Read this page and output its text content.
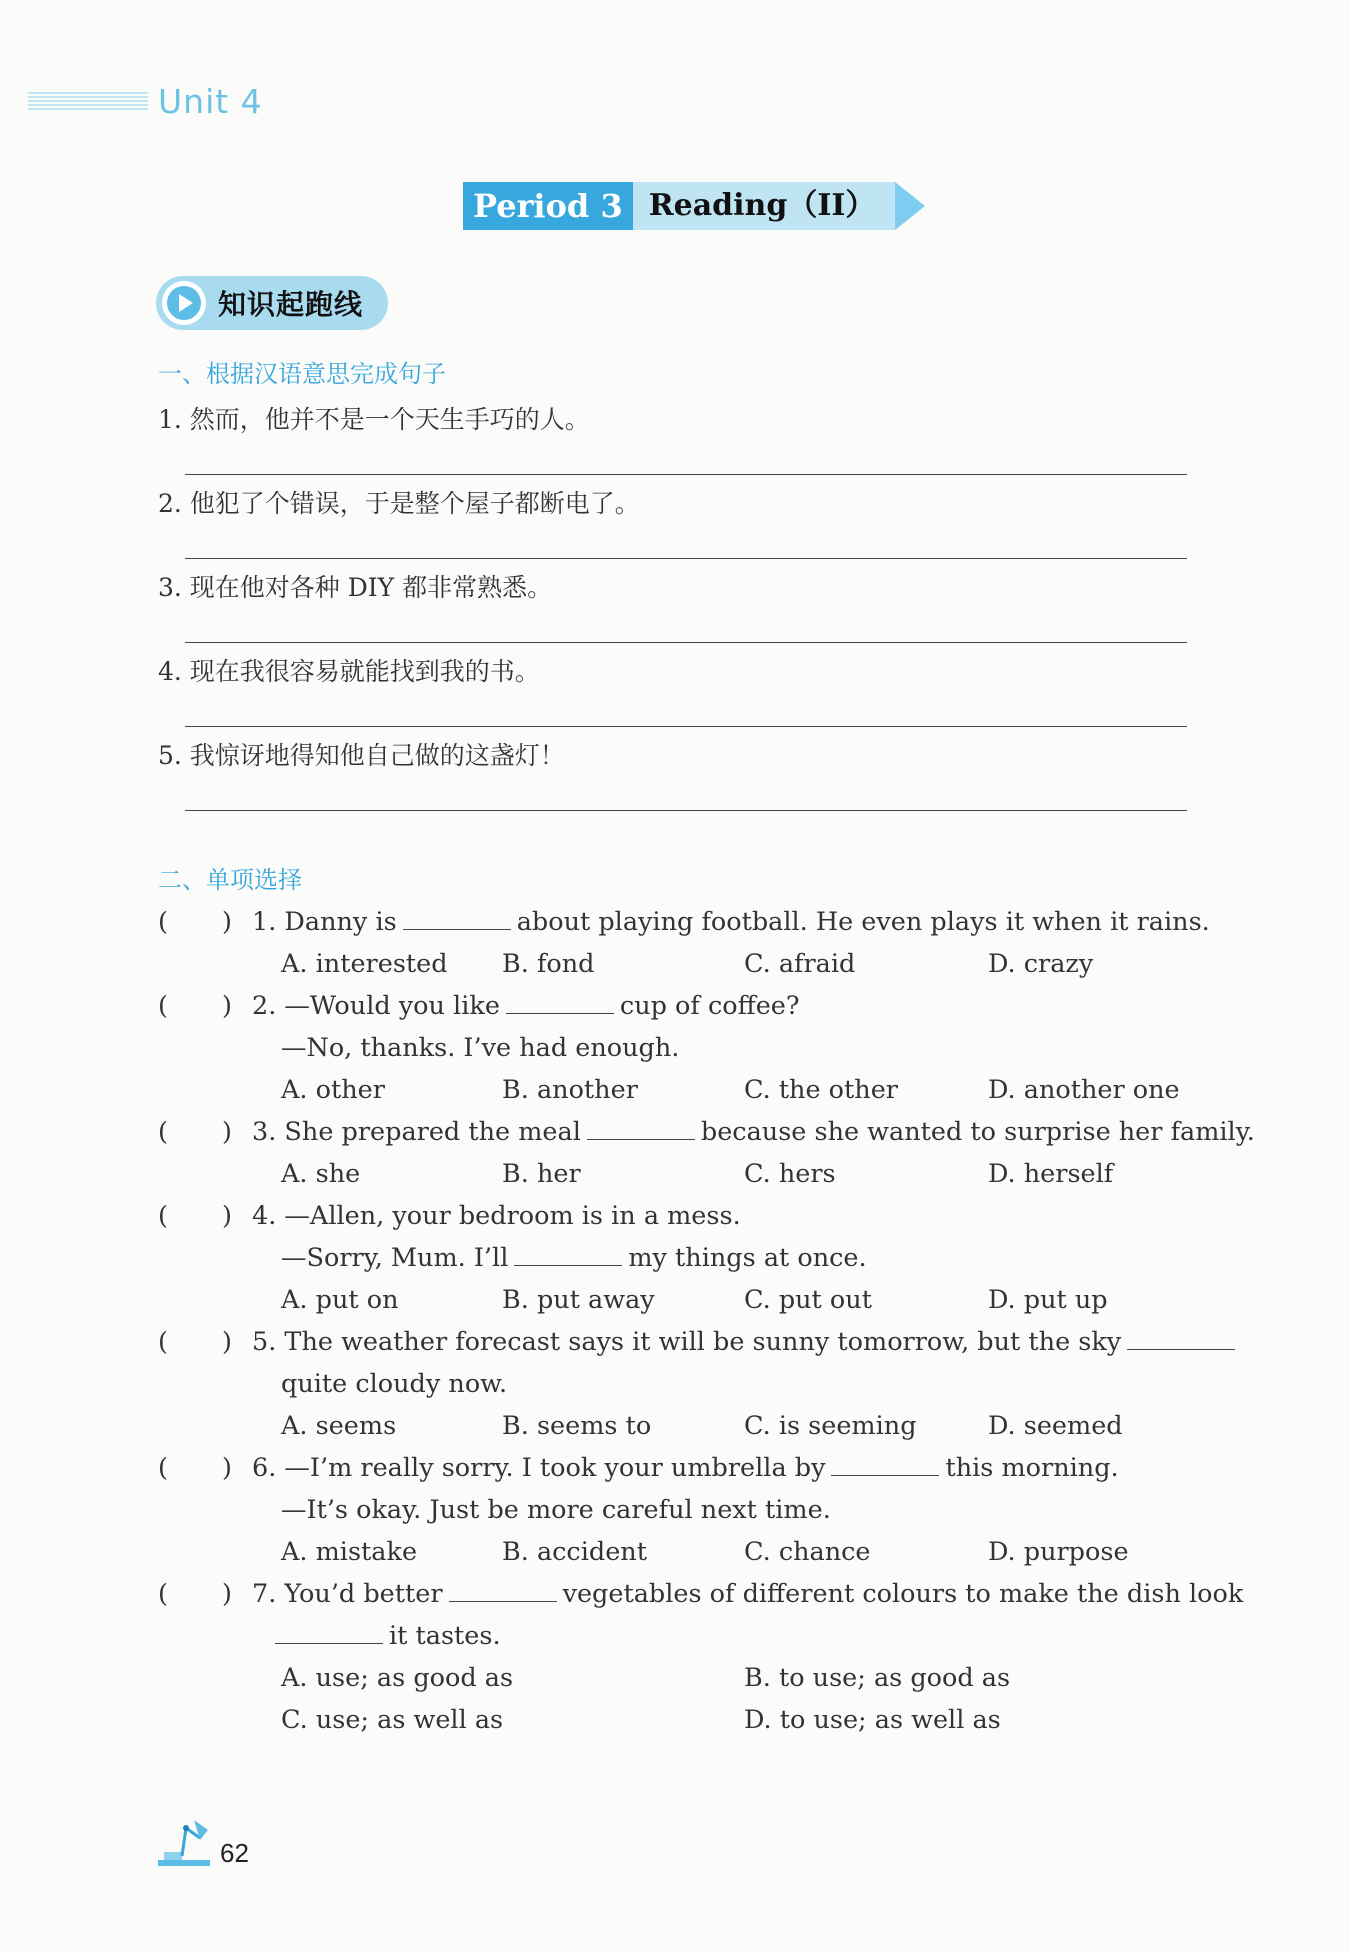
Unit 4
Period 3 Reading（II）
知识起跑线
一、根据汉语意思完成句子
1. 然而，他并不是一个天生手巧的人。
2. 他犯了个错误，于是整个屋子都断电了。
3. 现在他对各种 DIY 都非常熟悉。
4. 现在我很容易就能找到我的书。
5. 我惊讶地得知他自己做的这盏灯！
二、单项选择
( ) 1. Danny is	about playing football. He even plays it when it rains.
A. interested B. fond	C. afraid	D. crazy
( ) 2. —Would you like	cup of coffee?
—No, thanks. I’ve had enough.
A. other	B. another	C. the other	D. another one
( ) 3. She prepared the meal	because she wanted to surprise her family.
A. she	B. her	C. hers	D. herself
( ) 4. —Allen, your bedroom is in a mess.
—Sorry, Mum. I’ll	my things at once.
A. put on	B. put away	C. put out	D. put up
( ) 5. The weather forecast says it will be sunny tomorrow, but the sky
quite cloudy now.
A. seems	B. seems to	C. is seeming	D. seemed
( ) 6. —I’m really sorry. I took your umbrella by	this morning.
—It’s okay. Just be more careful next time.
A. mistake	B. accident	C. chance	D. purpose
( ) 7. You’d better	vegetables of different colours to make the dish look
it tastes.
A. use; as good as	B. to use; as good as
C. use; as well as	D. to use; as well as
62
